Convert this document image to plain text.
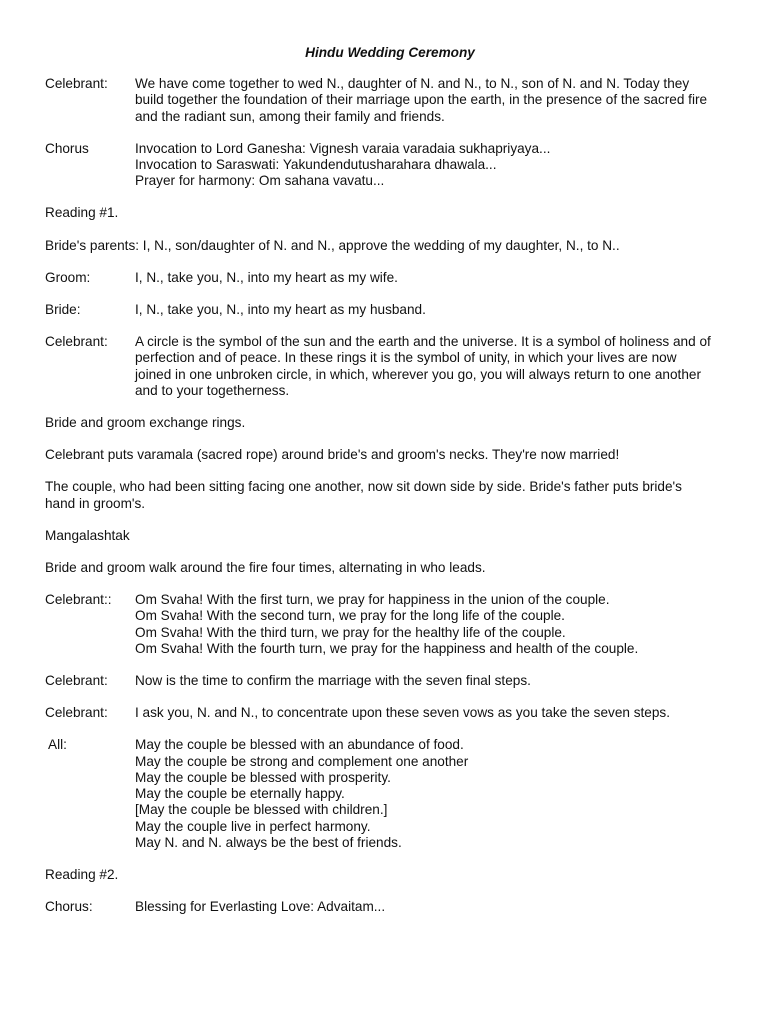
Hindu Wedding Ceremony
Celebrant:	We have come together to wed N., daughter of N. and N., to N., son of N. and N. Today they
build together the foundation of their marriage upon the earth, in the presence of the sacred fire
and the radiant sun, among their family and friends.
Chorus	Invocation to Lord Ganesha: Vignesh varaia varadaia sukhapriyaya...
Invocation to Saraswati: Yakundendutusharahara dhawala...
Prayer for harmony: Om sahana vavatu...
Reading #1.
Bride's parents: I, N., son/daughter of N. and N., approve the wedding of my daughter, N., to N..
Groom:	I, N., take you, N., into my heart as my wife.
Bride:	I, N., take you, N., into my heart as my husband.
Celebrant:	A circle is the symbol of the sun and the earth and the universe. It is a symbol of holiness and of
perfection and of peace. In these rings it is the symbol of unity, in which your lives are now
joined in one unbroken circle, in which, wherever you go, you will always return to one another
and to your togetherness.
Bride and groom exchange rings.
Celebrant puts varamala (sacred rope) around bride's and groom's necks. They're now married!
The couple, who had been sitting facing one another, now sit down side by side. Bride's father puts bride's
hand in groom's.
Mangalashtak
Bride and groom walk around the fire four times, alternating in who leads.
Celebrant::	Om Svaha! With the first turn, we pray for happiness in the union of the couple.
Om Svaha! With the second turn, we pray for the long life of the couple.
Om Svaha! With the third turn, we pray for the healthy life of the couple.
Om Svaha! With the fourth turn, we pray for the happiness and health of the couple.
Celebrant:	Now is the time to confirm the marriage with the seven final steps.
Celebrant:	I ask you, N. and N., to concentrate upon these seven vows as you take the seven steps.
All:	May the couple be blessed with an abundance of food.
May the couple be strong and complement one another
May the couple be blessed with prosperity.
May the couple be eternally happy.
[May the couple be blessed with children.]
May the couple live in perfect harmony.
May N. and N. always be the best of friends.
Reading #2.
Chorus:	Blessing for Everlasting Love: Advaitam...
